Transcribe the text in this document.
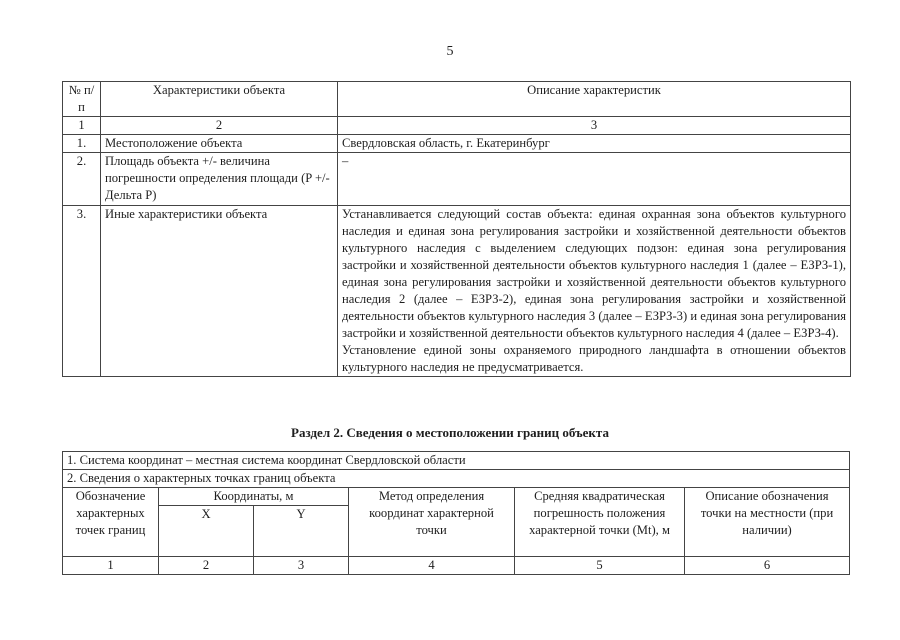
5
№ п/п	Характеристики объекта	Описание характеристик
1	2	3
1.	Местоположение объекта	Свердловская область, г. Екатеринбург
2.	Площадь объекта +/- величина погрешности определения площади (P +/- Дельта P)	–
3.	Иные характеристики объекта	Устанавливается следующий состав объекта: единая охранная зона объектов культурного наследия и единая зона регулирования застройки и хозяйственной деятельности объектов культурного наследия с выделением следующих подзон: единая зона регулирования застройки и хозяйственной деятельности объектов культурного наследия 1 (далее – ЕЗРЗ-1), единая зона регулирования застройки и хозяйственной деятельности объектов культурного наследия 2 (далее – ЕЗРЗ-2), единая зона регулирования застройки и хозяйственной деятельности объектов культурного наследия 3 (далее – ЕЗРЗ-3) и единая зона регулирования застройки и хозяйственной деятельности объектов культурного наследия 4 (далее – ЕЗРЗ-4).
Установление единой зоны охраняемого природного ландшафта в отношении объектов культурного наследия не предусматривается.
Раздел 2. Сведения о местоположении границ объекта
1. Система координат – местная система координат Свердловской области					
2. Сведения о характерных точках границ объекта					
Обозначение характерных точек границ	Координаты, м		Метод определения координат характерной точки	Средняя квадратическая погрешность положения характерной точки (Mt), м	Описание обозначения точки на местности (при наличии)
	X	Y			
1	2	3	4	5	6
